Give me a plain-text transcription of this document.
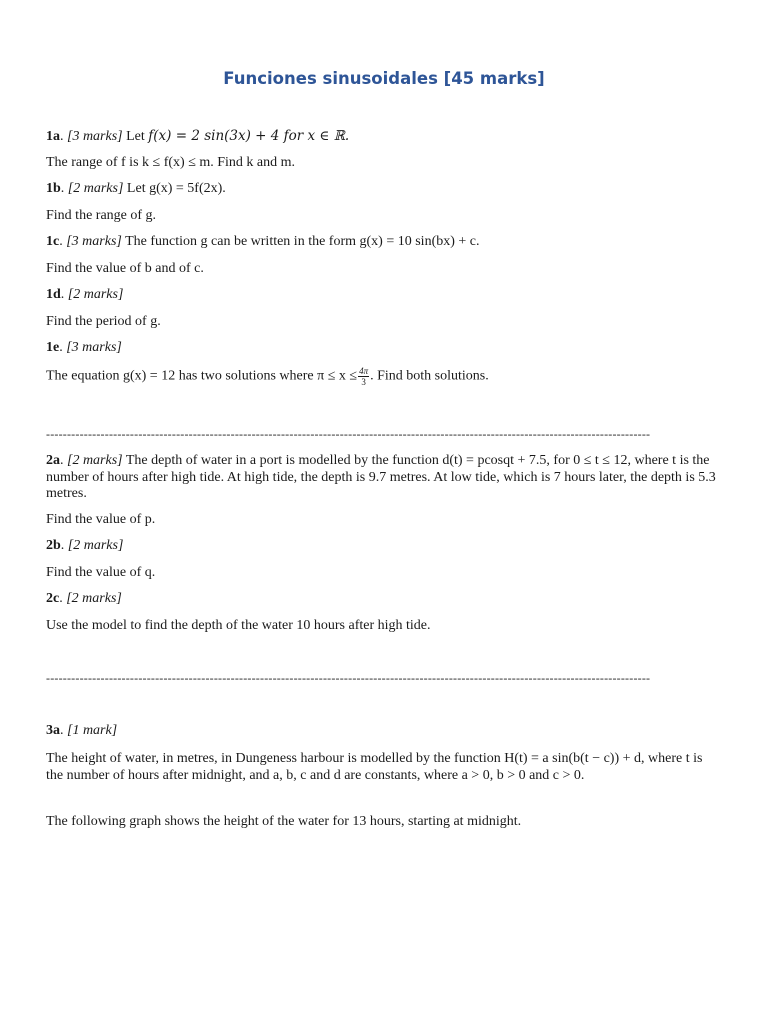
Funciones sinusoidales [45 marks]
1a. [3 marks] Let f(x) = 2 sin(3x) + 4 for x ∈ ℝ.
The range of f is k ≤ f(x) ≤ m. Find k and m.
1b. [2 marks] Let g(x) = 5f(2x).
Find the range of g.
1c. [3 marks] The function g can be written in the form g(x) = 10 sin(bx) + c.
Find the value of b and of c.
1d. [2 marks]
Find the period of g.
1e. [3 marks]
The equation g(x) = 12 has two solutions where $\pi \le x \le \frac{4\pi}{3}$ . Find both solutions.
------------------------------------------------------------------------------------------------------------------------------------------------
2a. [2 marks] The depth of water in a port is modelled by the function d(t) = pcosqt + 7.5, for 0 ≤ t ≤ 12, where t is the number of hours after high tide. At high tide, the depth is 9.7 metres. At low tide, which is 7 hours later, the depth is 5.3 metres.
Find the value of p.
2b. [2 marks]
Find the value of q.
2c. [2 marks]
Use the model to find the depth of the water 10 hours after high tide.
------------------------------------------------------------------------------------------------------------------------------------------------
3a. [1 mark]
The height of water, in metres, in Dungeness harbour is modelled by the function H(t) = a sin(b(t − c)) + d, where t is the number of hours after midnight, and a, b, c and d are constants, where a > 0, b > 0 and c > 0.
The following graph shows the height of the water for 13 hours, starting at midnight.
